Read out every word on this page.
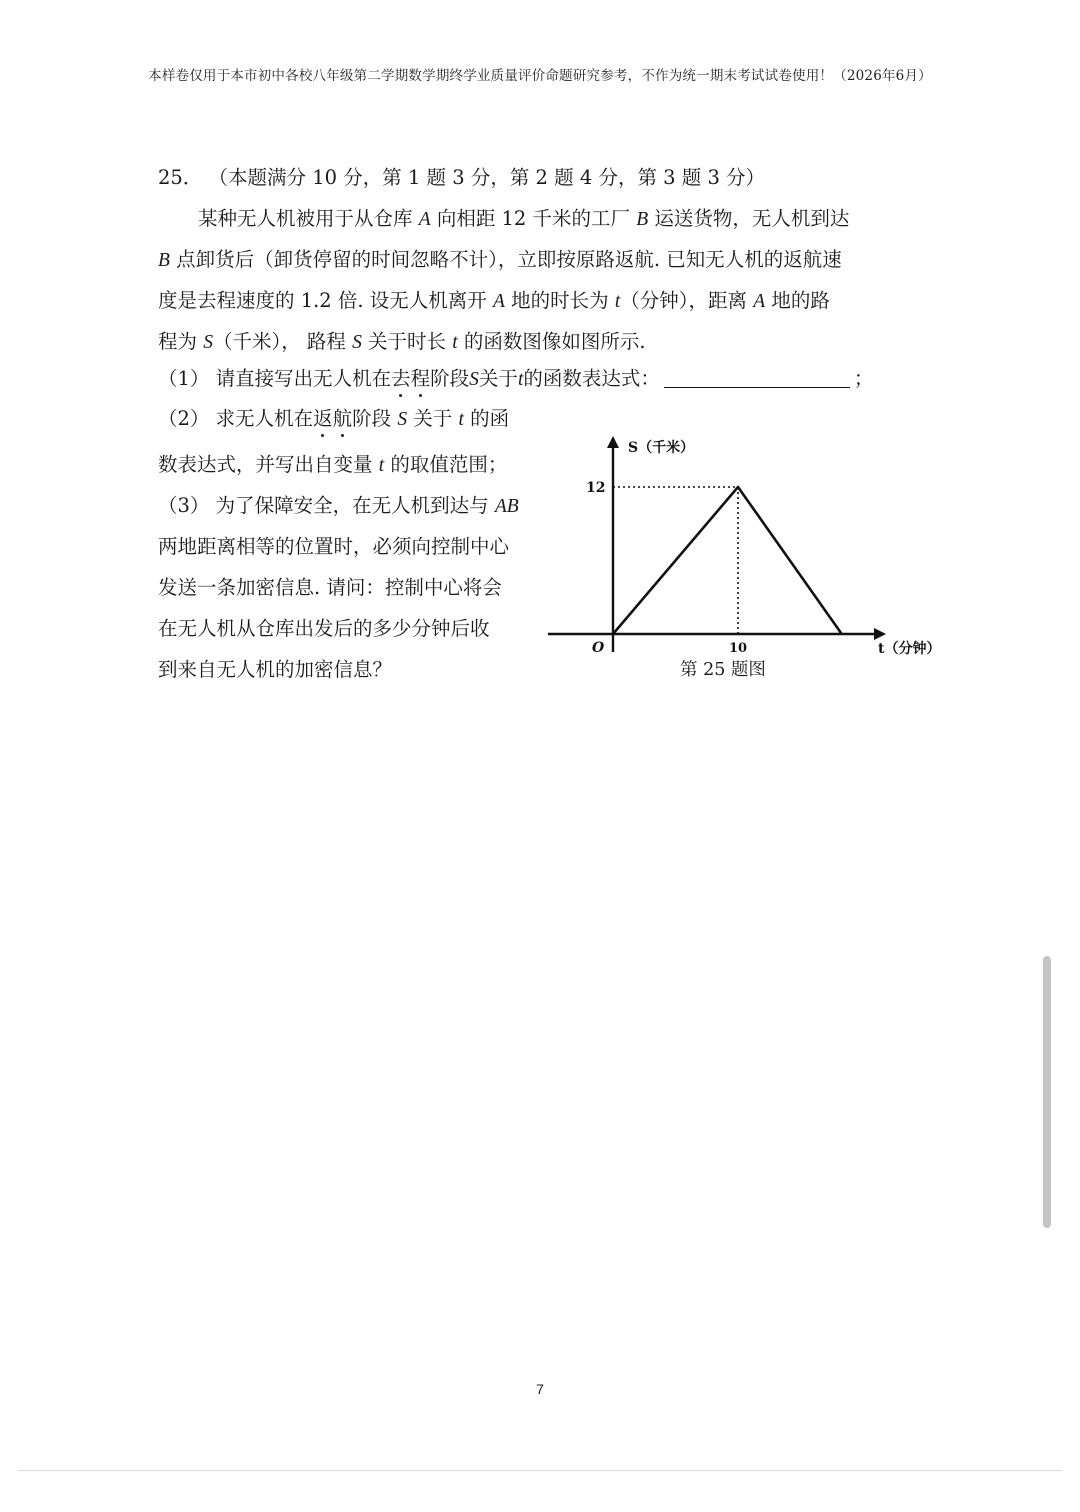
本样卷仅用于本市初中各校八年级第二学期数学期终学业质量评价命题研究参考，不作为统一期末考试试卷使用！（2026年6月）
25． （本题满分 10 分，第 1 题 3 分，第 2 题 4 分，第 3 题 3 分）
某种无人机被用于从仓库 A 向相距 12 千米的工厂 B 运送货物，无人机到达
B 点卸货后（卸货停留的时间忽略不计），立即按原路返航. 已知无人机的返航速
度是去程速度的 1.2 倍. 设无人机离开 A 地的时长为 t（分钟），距离 A 地的路
程为 S（千米）， 路程 S 关于时长 t 的函数图像如图所示.
（1） 请直接写出无人机在去程阶段S关于t的函数表达式：	；
（2） 求无人机在返航阶段 S 关于 t 的函
数表达式，并写出自变量 t 的取值范围；
（3） 为了保障安全，在无人机到达与 AB
两地距离相等的位置时，必须向控制中心
发送一条加密信息. 请问：控制中心将会
在无人机从仓库出发后的多少分钟后收
到来自无人机的加密信息？
O
12
10
S（千米）
t（分钟）
第 25 题图
7
